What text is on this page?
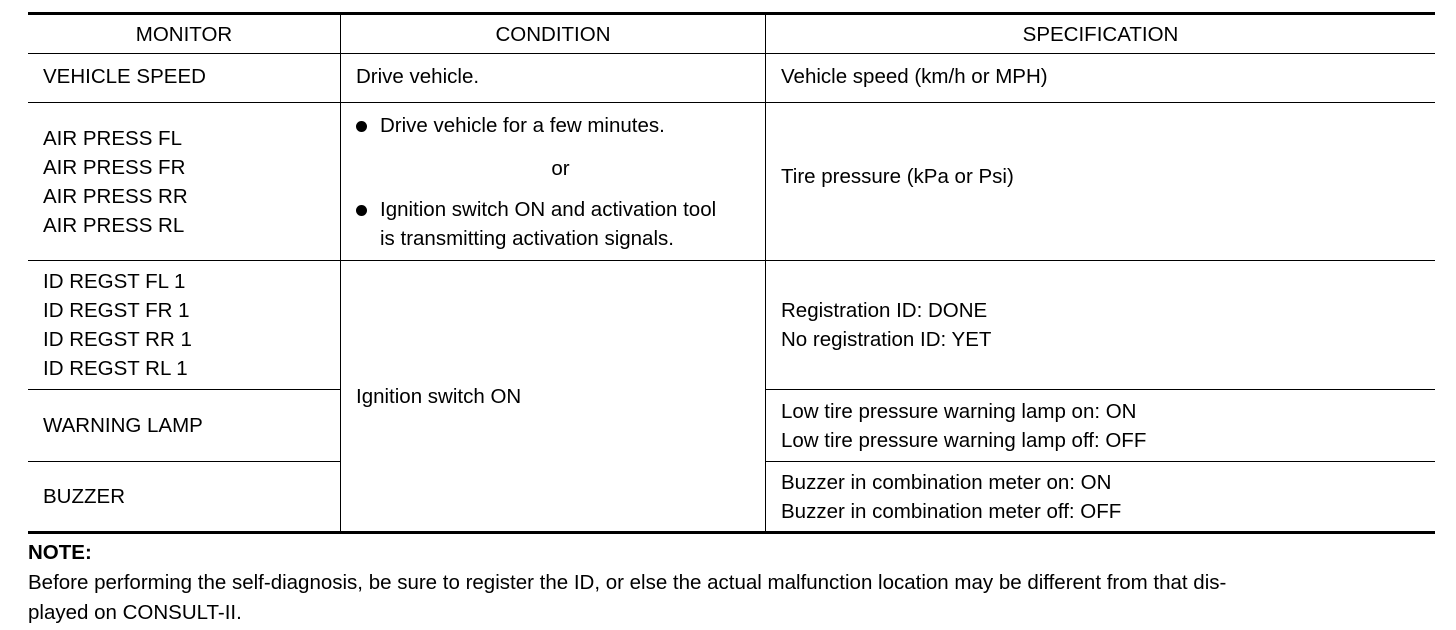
MONITOR	CONDITION	SPECIFICATION
VEHICLE SPEED	Drive vehicle.	Vehicle speed (km/h or MPH)

AIR PRESS FL
AIR PRESS FR
AIR PRESS RR
AIR PRESS RL	Drive vehicle for a few minutes.
or
Ignition switch ON and activation tool
is transmitting activation signals.	Tire pressure (kPa or Psi)

ID REGST FL 1
ID REGST FR 1
ID REGST RR 1
ID REGST RL 1	Ignition switch ON	Registration ID: DONE
No registration ID: YET

WARNING LAMP		Low tire pressure warning lamp on: ON
Low tire pressure warning lamp off: OFF

BUZZER		Buzzer in combination meter on: ON
Buzzer in combination meter off: OFF
NOTE:
Before performing the self-diagnosis, be sure to register the ID, or else the actual malfunction location may be different from that dis-
played on CONSULT-II.
